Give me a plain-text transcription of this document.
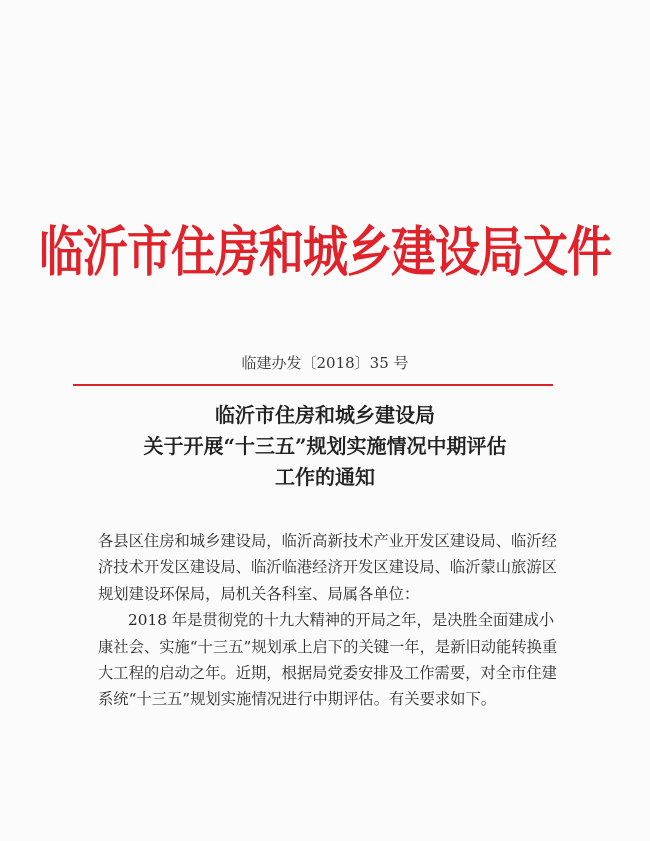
临沂市住房和城乡建设局文件
临建办发〔2018〕35 号
临沂市住房和城乡建设局
关于开展“十三五”规划实施情况中期评估
工作的通知

各县区住房和城乡建设局，临沂高新技术产业开发区建设局、临沂经济技术开发区建设局、临沂临港经济开发区建设局、临沂蒙山旅游区规划建设环保局，局机关各科室、局属各单位：

2018 年是贯彻党的十九大精神的开局之年，是决胜全面建成小康社会、实施“十三五”规划承上启下的关键一年，是新旧动能转换重大工程的启动之年。近期，根据局党委安排及工作需要，对全市住建系统“十三五”规划实施情况进行中期评估。有关要求如下。
